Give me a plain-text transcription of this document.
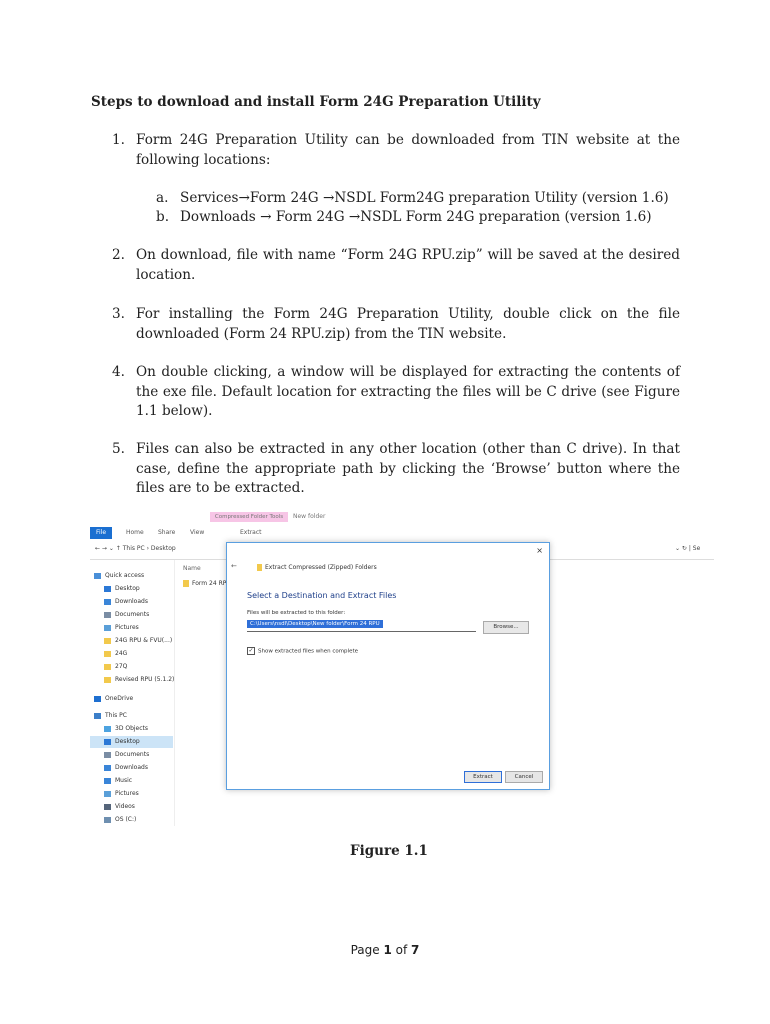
Steps to download and install Form 24G Preparation Utility
1. Form 24G Preparation Utility can be downloaded from TIN website at the following locations:
a. Services→Form 24G →NSDL Form24G preparation Utility (version 1.6)
b. Downloads → Form 24G →NSDL Form 24G preparation (version 1.6)
2. On download, file with name “Form 24G RPU.zip” will be saved at the desired location.
3. For installing the Form 24G Preparation Utility, double click on the file downloaded (Form 24 RPU.zip) from the TIN website.
4. On double clicking, a window will be displayed for extracting the contents of the exe file. Default location for extracting the files will be C drive (see Figure 1.1 below).
5. Files can also be extracted in any other location (other than C drive). In that case, define the appropriate path by clicking the ‘Browse’ button where the files are to be extracted.
Compressed Folder Tools	New folder
File	Home Share View	Extract
← → ⌄ ↑ This PC › Desktop	⌄ ↻ | Se
Quick access
Desktop
Downloads
Documents
Pictures
24G RPU & FVU(...)
24G
27Q
Revised RPU (5.1.2)
OneDrive
This PC
3D Objects
Desktop
Documents
Downloads
Music
Pictures
Videos
OS (C:)
Name
Form 24 RP
×
←	Extract Compressed (Zipped) Folders
Select a Destination and Extract Files
Files will be extracted to this folder:
C:\Users\nsdl\Desktop\New folder\Form 24 RPU	Browse...
✓ Show extracted files when complete
Extract	Cancel
Figure 1.1
Page 1 of 7
